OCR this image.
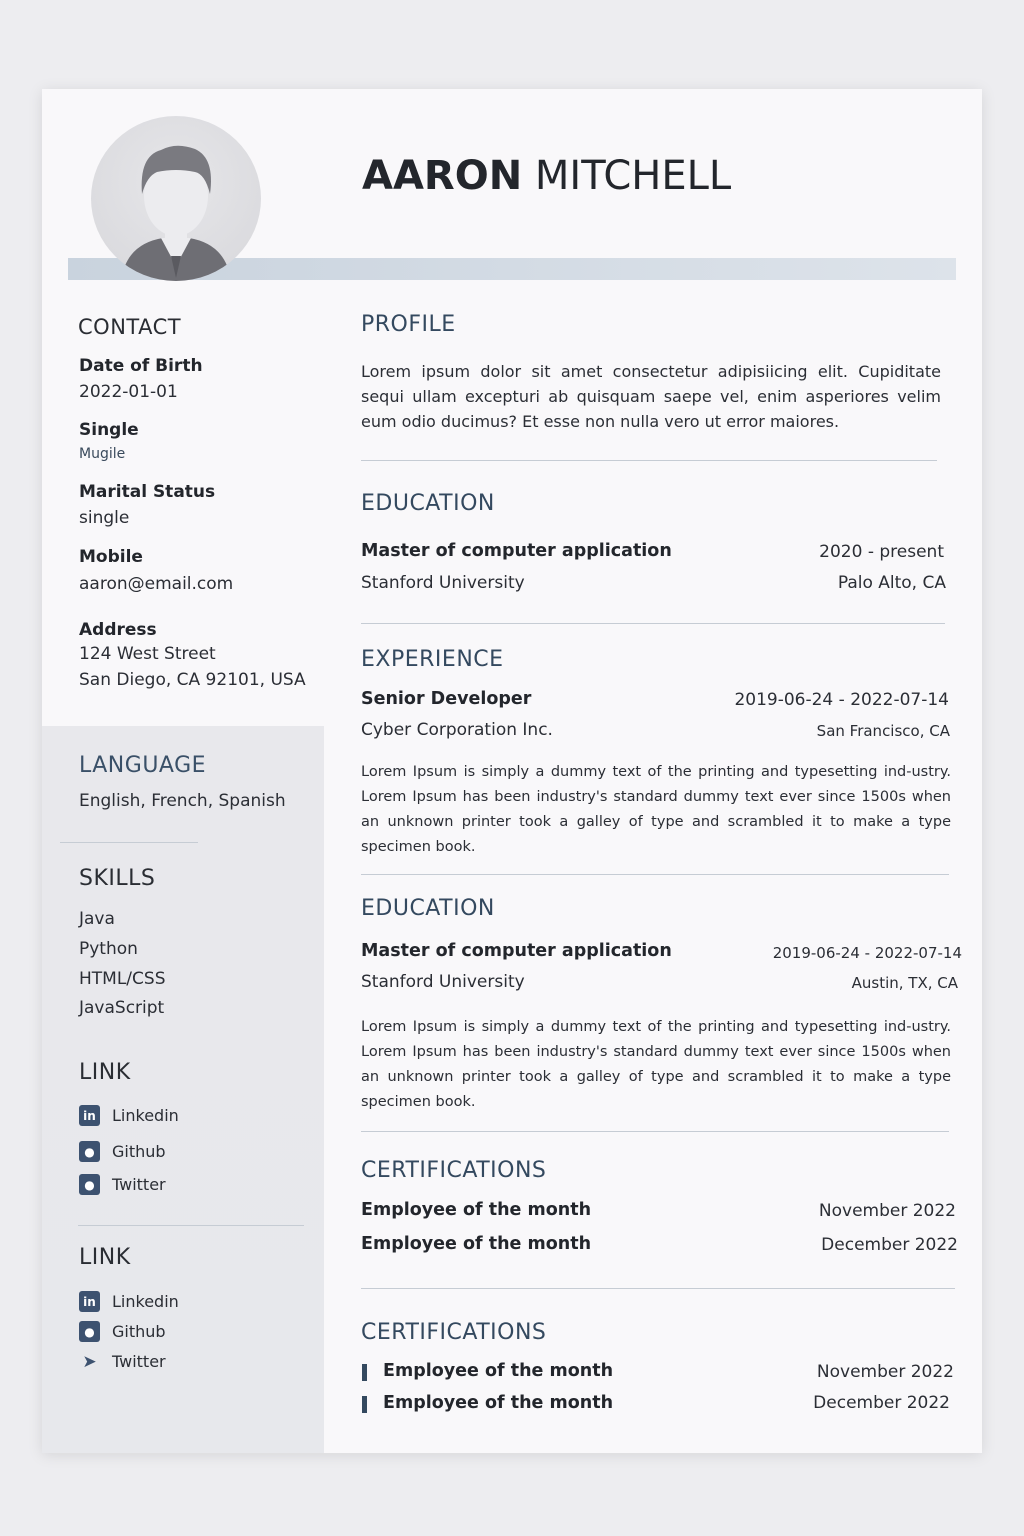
AARON MITCHELL
CONTACT
Date of Birth
2022-01-01
Single
Mugile
Marital Status
single
Mobile
aaron@email.com
Address
124 West Street
San Diego, CA 92101, USA
LANGUAGE
English, French, Spanish
SKILLS
Java
Python
HTML/CSS
JavaScript
LINK
in Linkedin
●	Github
●	Twitter
LINK
in Linkedin
●	Github
➤ Twitter
PROFILE
Lorem ipsum dolor sit amet consectetur adipisiicing elit. Cupiditate sequi ullam excepturi ab quisquam saepe vel, enim asperiores velim eum odio ducimus? Et esse non nulla vero ut error maiores.
EDUCATION
Master of computer application	2020 - present
Stanford University	Palo Alto, CA
EXPERIENCE
Senior Developer	2019-06-24 - 2022-07-14
Cyber Corporation Inc.	San Francisco, CA
Lorem Ipsum is simply a dummy text of the printing and typesetting ind-ustry. Lorem Ipsum has been industry's standard dummy text ever since 1500s when an unknown printer took a galley of type and scrambled it to make a type specimen book.
EDUCATION
Master of computer application	2019-06-24 - 2022-07-14
Stanford University	Austin, TX, CA
Lorem Ipsum is simply a dummy text of the printing and typesetting ind-ustry. Lorem Ipsum has been industry's standard dummy text ever since 1500s when an unknown printer took a galley of type and scrambled it to make a type specimen book.
CERTIFICATIONS
Employee of the month	November 2022
Employee of the month	December 2022
CERTIFICATIONS
Employee of the month	November 2022
Employee of the month	December 2022
